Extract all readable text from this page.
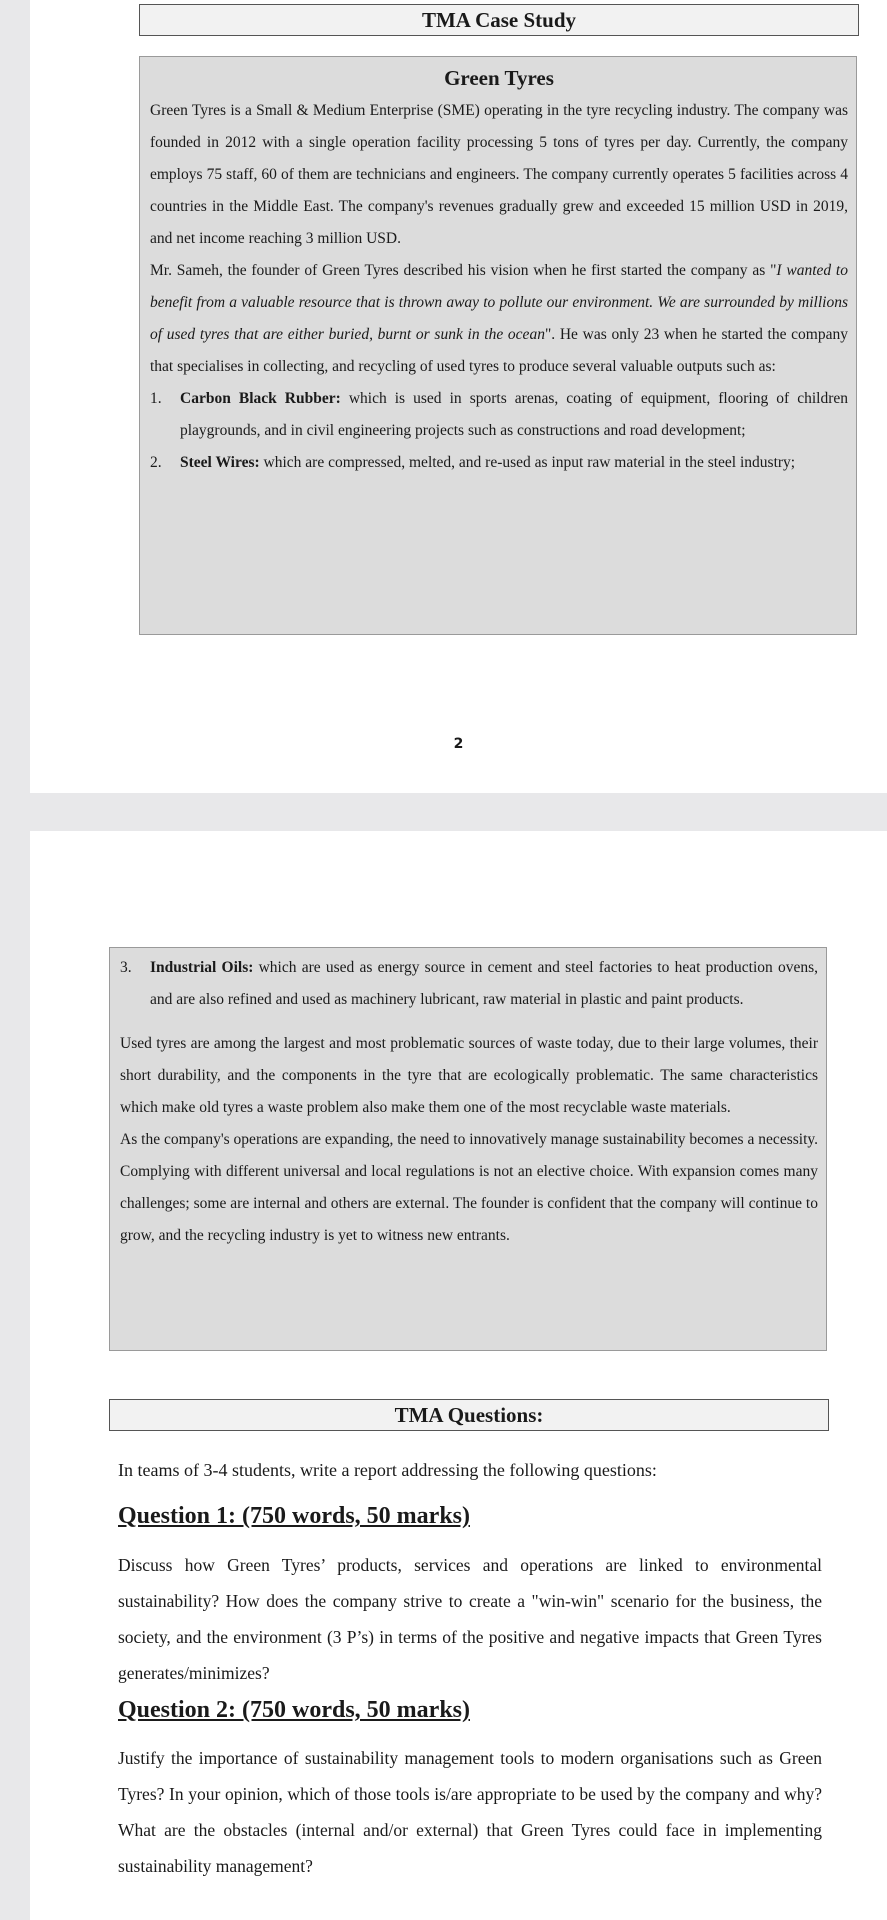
TMA Case Study
Green Tyres

Green Tyres is a Small & Medium Enterprise (SME) operating in the tyre recycling industry. The company was founded in 2012 with a single operation facility processing 5 tons of tyres per day. Currently, the company employs 75 staff, 60 of them are technicians and engineers. The company currently operates 5 facilities across 4 countries in the Middle East. The company's revenues gradually grew and exceeded 15 million USD in 2019, and net income reaching 3 million USD.

Mr. Sameh, the founder of Green Tyres described his vision when he first started the company as "I wanted to benefit from a valuable resource that is thrown away to pollute our environment. We are surrounded by millions of used tyres that are either buried, burnt or sunk in the ocean". He was only 23 when he started the company that specialises in collecting, and recycling of used tyres to produce several valuable outputs such as:

1.	Carbon Black Rubber: which is used in sports arenas, coating of equipment, flooring of children playgrounds, and in civil engineering projects such as constructions and road development;
2.	Steel Wires: which are compressed, melted, and re-used as input raw material in the steel industry;
2
3.	Industrial Oils: which are used as energy source in cement and steel factories to heat production ovens, and are also refined and used as machinery lubricant, raw material in plastic and paint products.

Used tyres are among the largest and most problematic sources of waste today, due to their large volumes, their short durability, and the components in the tyre that are ecologically problematic. The same characteristics which make old tyres a waste problem also make them one of the most recyclable waste materials.

As the company's operations are expanding, the need to innovatively manage sustainability becomes a necessity. Complying with different universal and local regulations is not an elective choice. With expansion comes many challenges; some are internal and others are external. The founder is confident that the company will continue to grow, and the recycling industry is yet to witness new entrants.

TMA Questions:
In teams of 3-4 students, write a report addressing the following questions:
Question 1: (750 words, 50 marks)
Discuss how Green Tyres’ products, services and operations are linked to environmental sustainability? How does the company strive to create a "win-win" scenario for the business, the society, and the environment (3 P’s) in terms of the positive and negative impacts that Green Tyres generates/minimizes?
Question 2: (750 words, 50 marks)
Justify the importance of sustainability management tools to modern organisations such as Green Tyres? In your opinion, which of those tools is/are appropriate to be used by the company and why? What are the obstacles (internal and/or external) that Green Tyres could face in implementing sustainability management?
